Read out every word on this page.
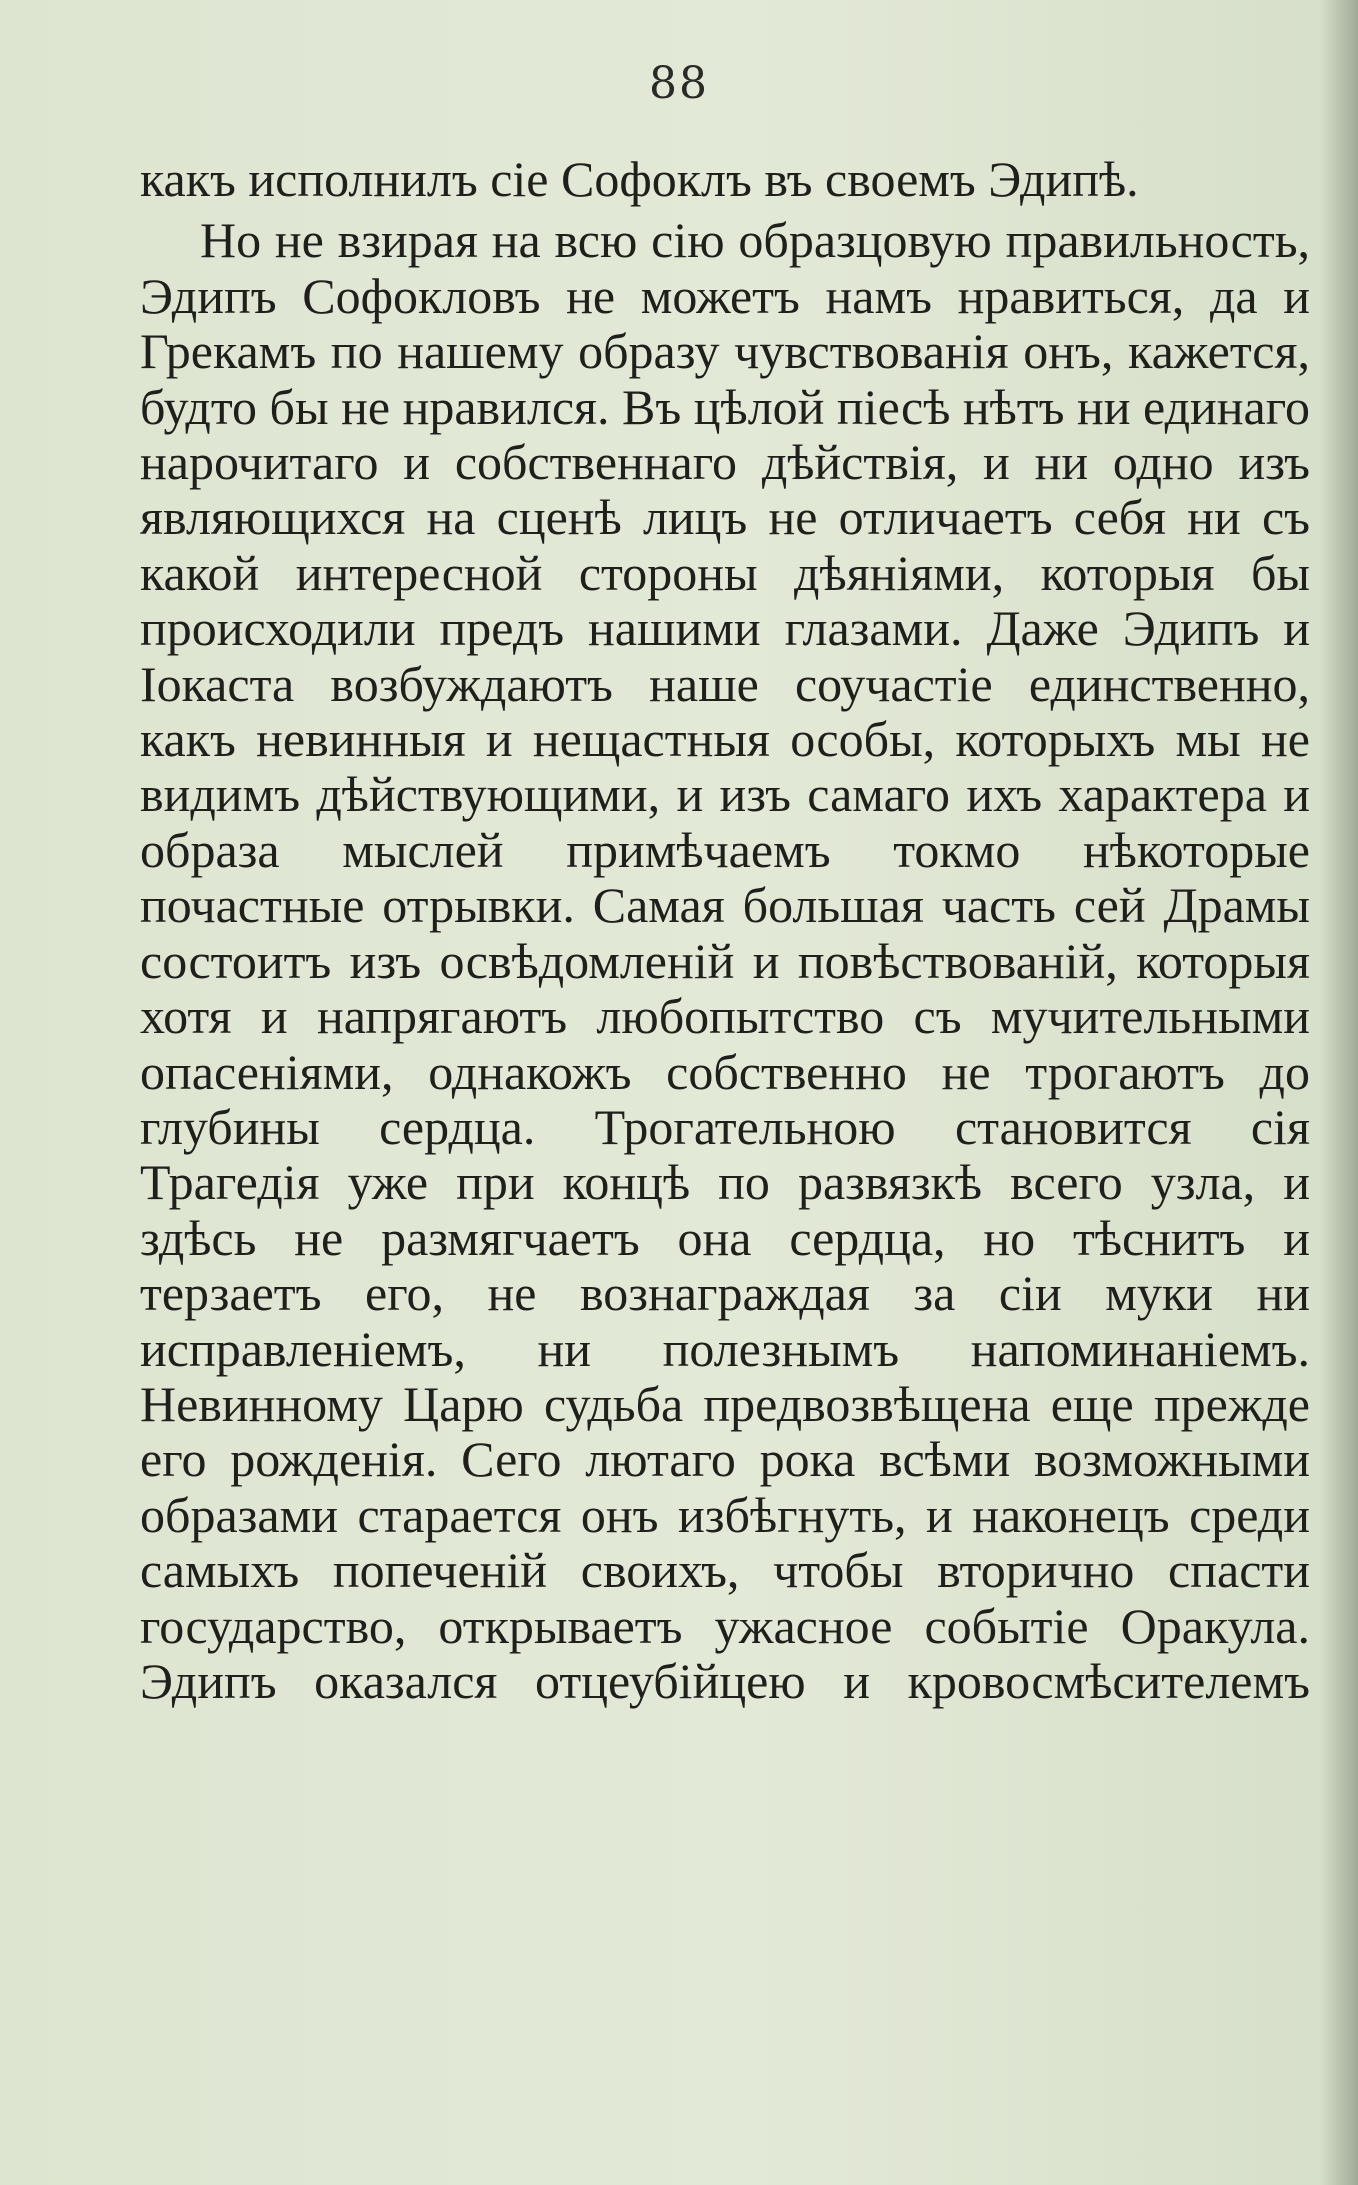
88

какъ исполнилъ сіе Софоклъ въ своемъ Эдипѣ.

Но не взирая на всю сію образцовую правильность, Эдипъ Софокловъ не можетъ намъ нравиться, да и Грекамъ по нашему образу чувствованія онъ, кажется, будто бы не нравился. Въ цѣлой піесѣ нѣтъ ни единаго нарочитаго и собственнаго дѣйствія, и ни одно изъ являющихся на сценѣ лицъ не отличаетъ себя ни съ какой интересной стороны дѣяніями, которыя бы происходили предъ нашими глазами. Даже Эдипъ и Іокаста возбуждаютъ наше соучастіе единственно, какъ невинныя и нещастныя особы, которыхъ мы не видимъ дѣйствующими, и изъ самаго ихъ характера и образа мыслей примѣчаемъ токмо нѣкоторые почастные отрывки. Самая большая часть сей Драмы состоитъ изъ освѣдомленій и повѣствованій, которыя хотя и напрягаютъ любопытство съ мучительными опасеніями, однакожъ собственно не трогаютъ до глубины сердца. Трогательною становится сія Трагедія уже при концѣ по развязкѣ всего узла, и здѣсь не размягчаетъ она сердца, но тѣснитъ и терзаетъ его, не вознаграждая за сіи муки ни исправленіемъ, ни полезнымъ напоминаніемъ. Невинному Царю судьба предвозвѣщена еще прежде его рожденія. Сего лютаго рока всѣми возможными образами старается онъ избѣгнуть, и наконецъ среди самыхъ попеченій своихъ, чтобы вторично спасти государство, открываетъ ужасное событіе Оракула. Эдипъ оказался отцеубійцею и кровосмѣсителемъ
